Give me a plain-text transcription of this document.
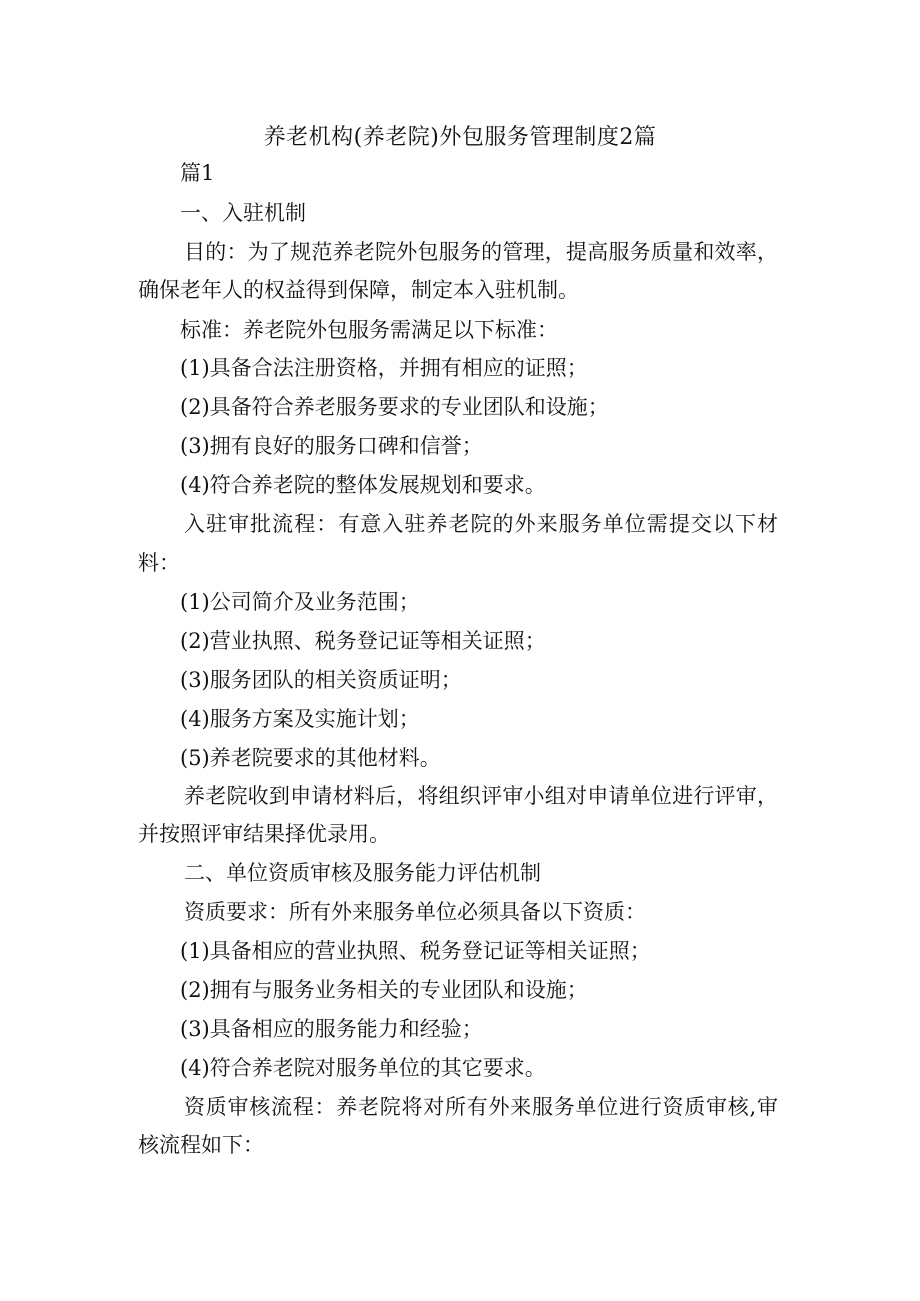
养老机构(养老院)外包服务管理制度2篇
篇1
一、入驻机制
目的：为了规范养老院外包服务的管理，提高服务质量和效率，
确保老年人的权益得到保障，制定本入驻机制。
标准：养老院外包服务需满足以下标准：
(1)具备合法注册资格，并拥有相应的证照；
(2)具备符合养老服务要求的专业团队和设施；
(3)拥有良好的服务口碑和信誉；
(4)符合养老院的整体发展规划和要求。
入驻审批流程：有意入驻养老院的外来服务单位需提交以下材
料：
(1)公司简介及业务范围；
(2)营业执照、税务登记证等相关证照；
(3)服务团队的相关资质证明；
(4)服务方案及实施计划；
(5)养老院要求的其他材料。
养老院收到申请材料后，将组织评审小组对申请单位进行评审，
并按照评审结果择优录用。
二、单位资质审核及服务能力评估机制
资质要求：所有外来服务单位必须具备以下资质：
(1)具备相应的营业执照、税务登记证等相关证照；
(2)拥有与服务业务相关的专业团队和设施；
(3)具备相应的服务能力和经验；
(4)符合养老院对服务单位的其它要求。
资质审核流程：养老院将对所有外来服务单位进行资质审核,审
核流程如下：
